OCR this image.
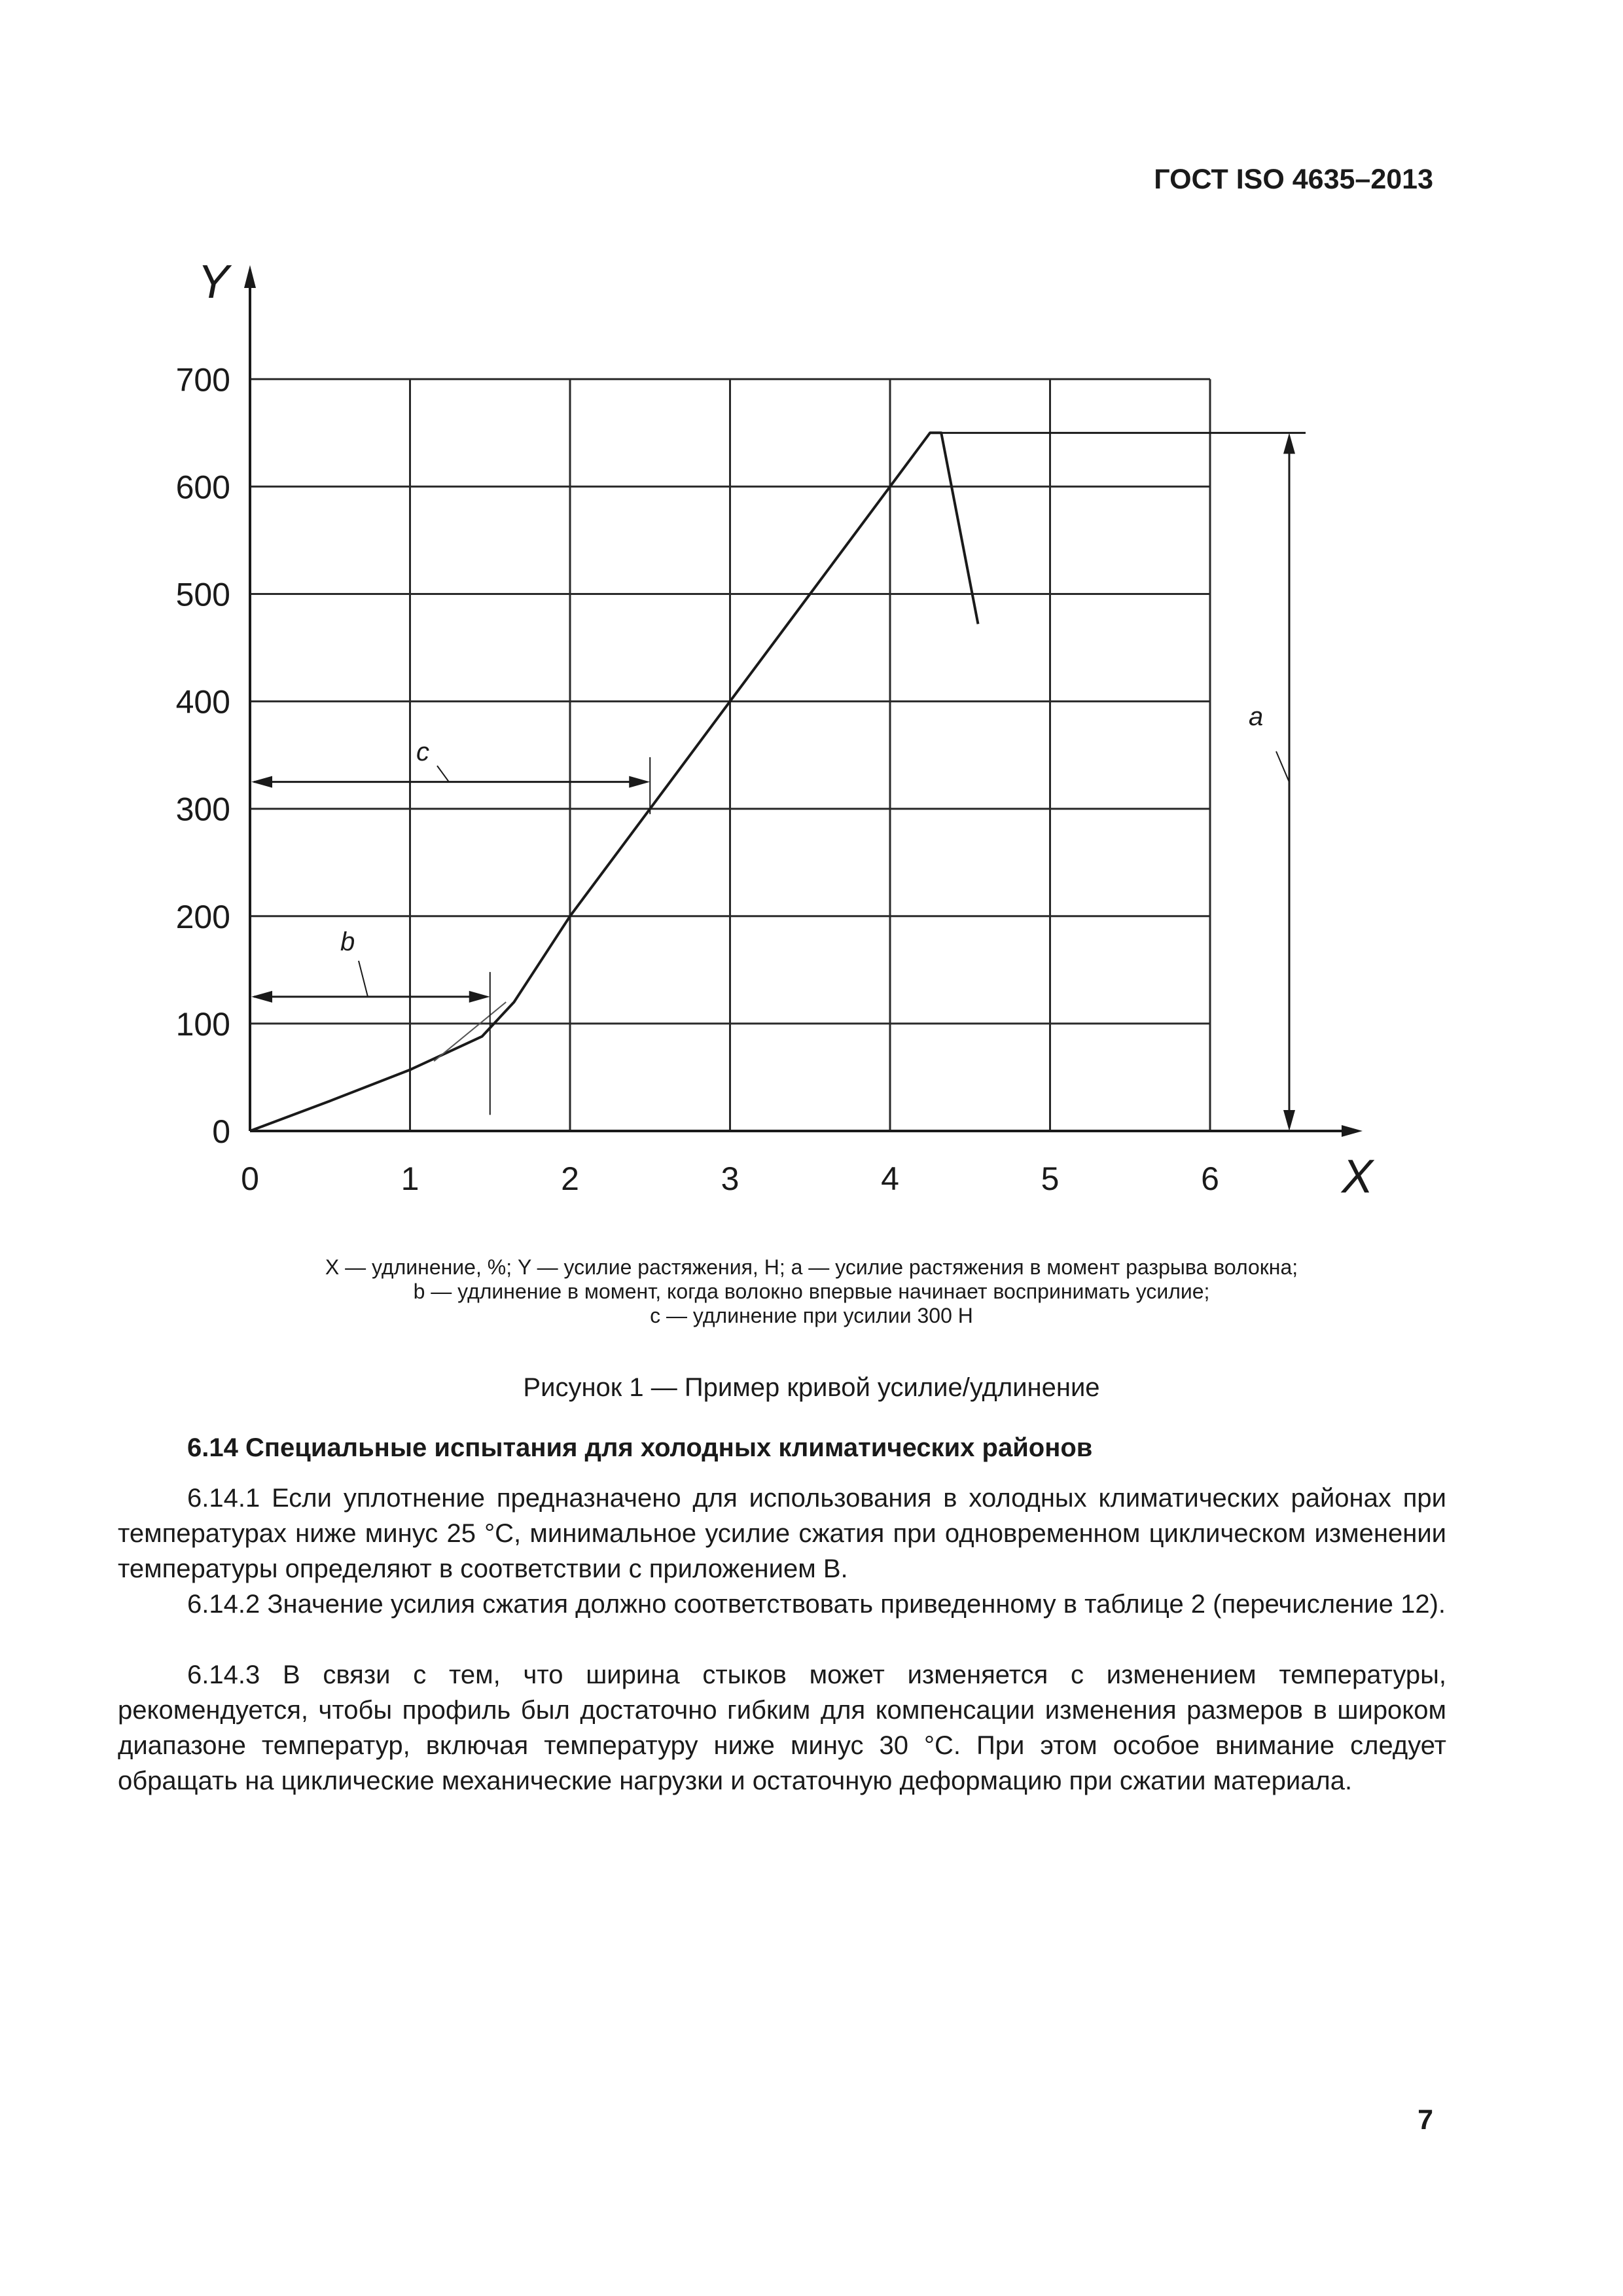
ГОСТ ISO 4635–2013
0	1	2	3	4	5	6
0
100
200
300
400
500
600
700
X
Y
a
b
c
X — удлинение, %; Y — усилие растяжения, Н; a — усилие растяжения в момент разрыва волокна;
b — удлинение в момент, когда волокно впервые начинает воспринимать усилие;
c — удлинение при усилии 300 Н
Рисунок 1 — Пример кривой усилие/удлинение
6.14 Специальные испытания для холодных климатических районов

6.14.1 Если уплотнение предназначено для использования в холодных климатических районах при температурах ниже минус 25 °С, минимальное усилие сжатия при одновременном циклическом изменении температуры определяют в соответствии с приложением В.

6.14.2 Значение усилия сжатия должно соответствовать приведенному в таблице 2 (перечисление 12).

6.14.3 В связи с тем, что ширина стыков может изменяется с изменением температуры, рекомендуется, чтобы профиль был достаточно гибким для компенсации изменения размеров в широком диапазоне температур, включая температуру ниже минус 30 °С. При этом особое внимание следует обращать на циклические механические нагрузки и остаточную деформацию при сжатии материала.

7
